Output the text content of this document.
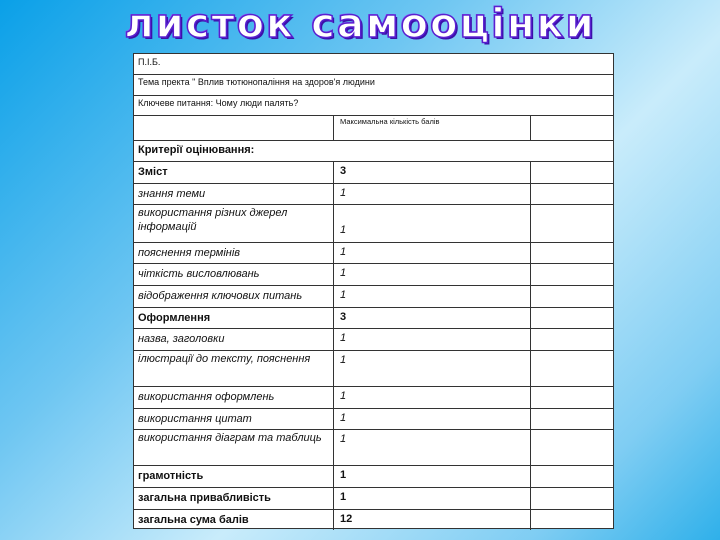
листок самооцінки
П.І.Б.
Тема пректа " Вплив тютюнопаління на здоров'я людини
Ключеве питання: Чому люди палять?
Максимальна кількість балів
Критерії оцінювання:
Зміст	3
знання теми	1
використання різних джерел інформацій	1
пояснення термінів	1
чіткість висловлювань	1
відображення ключових питань	1
Оформлення	3
назва, заголовки	1
ілюстрації до тексту, пояснення	1
використання оформлень	1
використання цитат	1
використання діаграм та таблиць	1
грамотність	1
загальна привабливість	1
загальна сума балів	12
